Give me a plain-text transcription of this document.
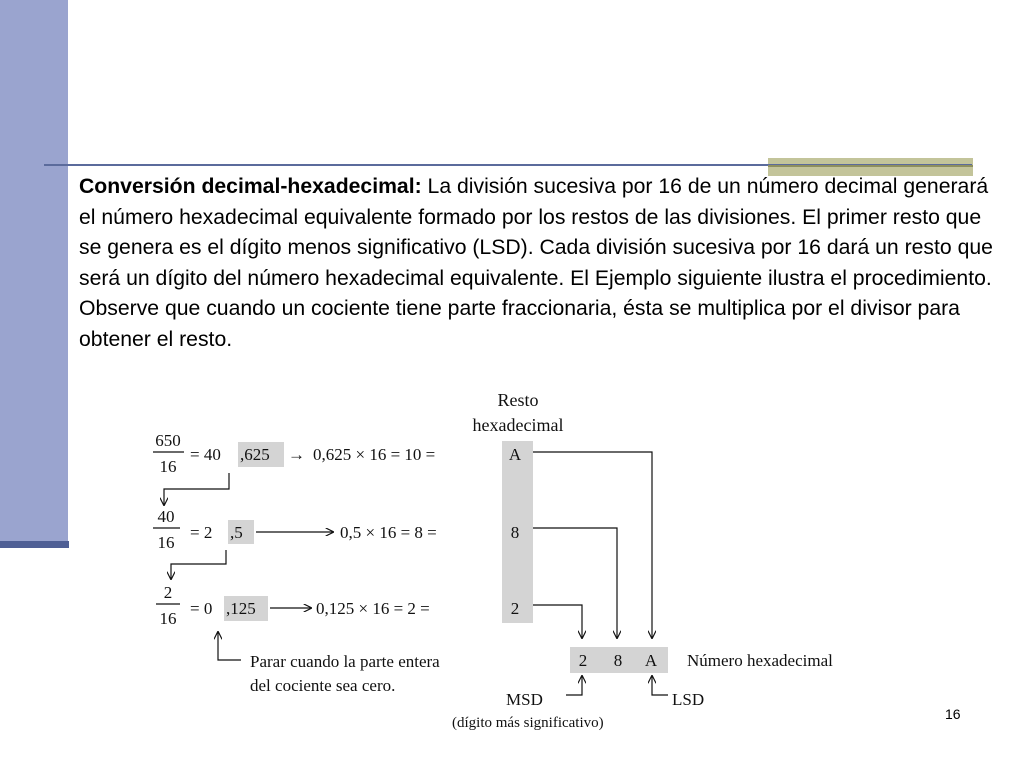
Conversión decimal-hexadecimal: La división sucesiva por 16 de un número decimal generará el número hexadecimal equivalente formado por los restos de las divisiones. El primer resto que se genera es el dígito menos significativo (LSD). Cada división sucesiva por 16 dará un resto que será un dígito del número hexadecimal equivalente. El Ejemplo siguiente ilustra el procedimiento. Observe que cuando un cociente tiene parte fraccionaria, ésta se multiplica por el divisor para obtener el resto.

Resto
hexadecimal
650
16
= 40 ,625 → 0,625 × 16 = 10 =	A
40
16
= 2 ,5	0,5 × 16 = 8 =	8
2
16
= 0 ,125	0,125 × 16 = 2 =	2
2 8 A Número hexadecimal
Parar cuando la parte entera
del cociente sea cero.
MSD
(dígito más significativo)
LSD
16
